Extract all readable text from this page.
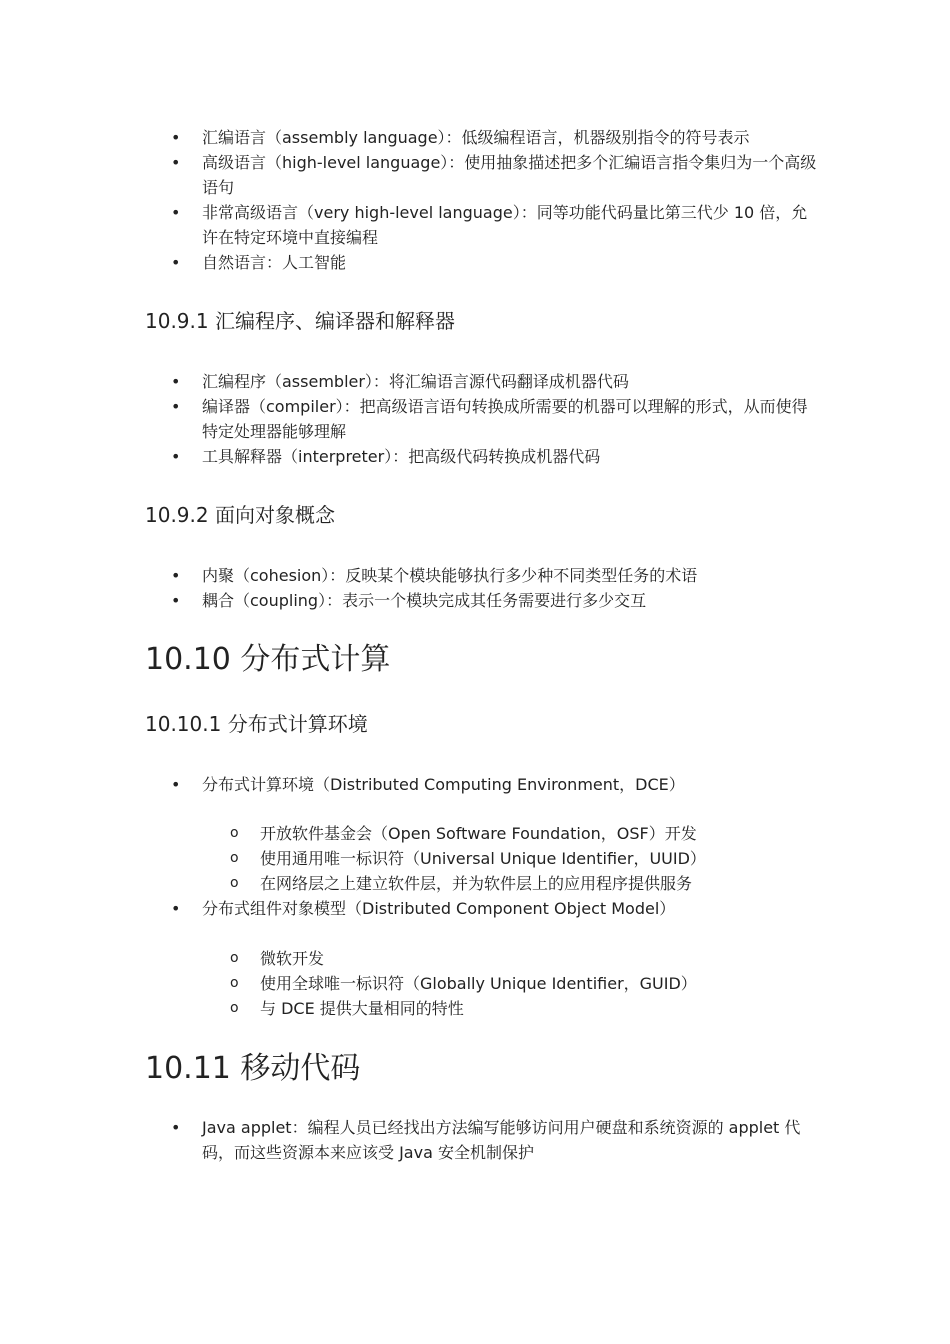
• 汇编语言（assembly language）：低级编程语言，机器级别指令的符号表示
• 高级语言（high-level language）：使用抽象描述把多个汇编语言指令集归为一个高级语句
• 非常高级语言（very high-level language）：同等功能代码量比第三代少 10 倍，允许在特定环境中直接编程
• 自然语言：人工智能
10.9.1 汇编程序、编译器和解释器
• 汇编程序（assembler）：将汇编语言源代码翻译成机器代码
• 编译器（compiler）：把高级语言语句转换成所需要的机器可以理解的形式，从而使得特定处理器能够理解
• 工具解释器（interpreter）：把高级代码转换成机器代码
10.9.2 面向对象概念
• 内聚（cohesion）：反映某个模块能够执行多少种不同类型任务的术语
• 耦合（coupling）：表示一个模块完成其任务需要进行多少交互
10.10 分布式计算
10.10.1 分布式计算环境
• 分布式计算环境（Distributed Computing Environment，DCE）
o 开放软件基金会（Open Software Foundation，OSF）开发
o 使用通用唯一标识符（Universal Unique Identifier，UUID）
o 在网络层之上建立软件层，并为软件层上的应用程序提供服务
• 分布式组件对象模型（Distributed Component Object Model）
o 微软开发
o 使用全球唯一标识符（Globally Unique Identifier，GUID）
o 与 DCE 提供大量相同的特性
10.11 移动代码
• Java applet：编程人员已经找出方法编写能够访问用户硬盘和系统资源的 applet 代码，而这些资源本来应该受 Java 安全机制保护
